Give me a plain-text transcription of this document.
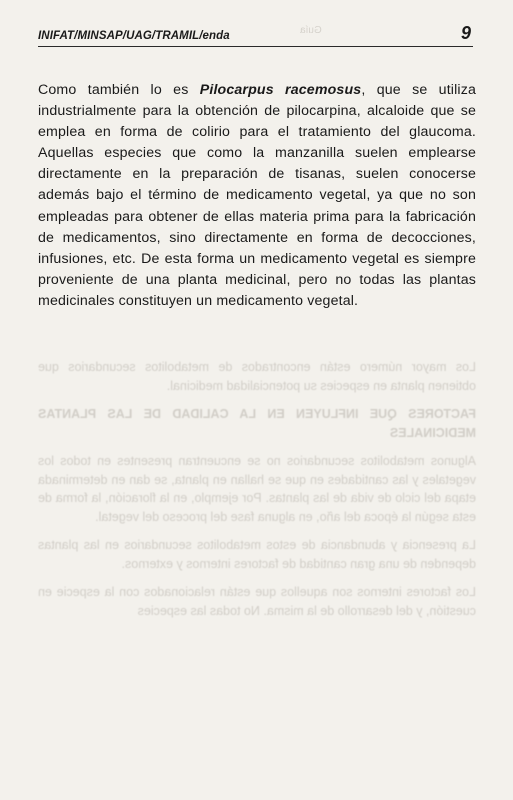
Guía

Los mayor número están encontrados de metabolitos secundarios que obtienen planta en especies su potencialidad medicinal.

FACTORES QUE INFLUYEN EN LA CALIDAD DE LAS PLANTAS MEDICINALES

Algunos metabolitos secundarios no se encuentran presentes en todos los vegetales y las cantidades en que se hallan en planta, se dan en determinada etapa del ciclo de vida de las plantas. Por ejemplo, en la floración, la forma de esta según la época del año, en alguna fase del proceso del vegetal.

La presencia y abundancia de estos metabolitos secundarios en las plantas dependen de una gran cantidad de factores internos y externos.

Los factores internos son aquellos que están relacionados con la especie en cuestión, y del desarrollo de la misma. No todas las especies

INIFAT/MINSAP/UAG/TRAMIL/enda	9

Como también lo es Pilocarpus racemosus, que se utiliza industrialmente para la obtención de pilocarpina, alcaloide que se emplea en forma de colirio para el tratamiento del glaucoma. Aquellas especies que como la manzanilla suelen emplearse directamente en la preparación de tisanas, suelen conocerse además bajo el término de medicamento vegetal, ya que no son empleadas para obtener de ellas materia prima para la fabricación de medicamentos, sino directamente en forma de decocciones, infusiones, etc. De esta forma un medicamento vegetal es siempre proveniente de una planta medicinal, pero no todas las plantas medicinales constituyen un medicamento vegetal.
